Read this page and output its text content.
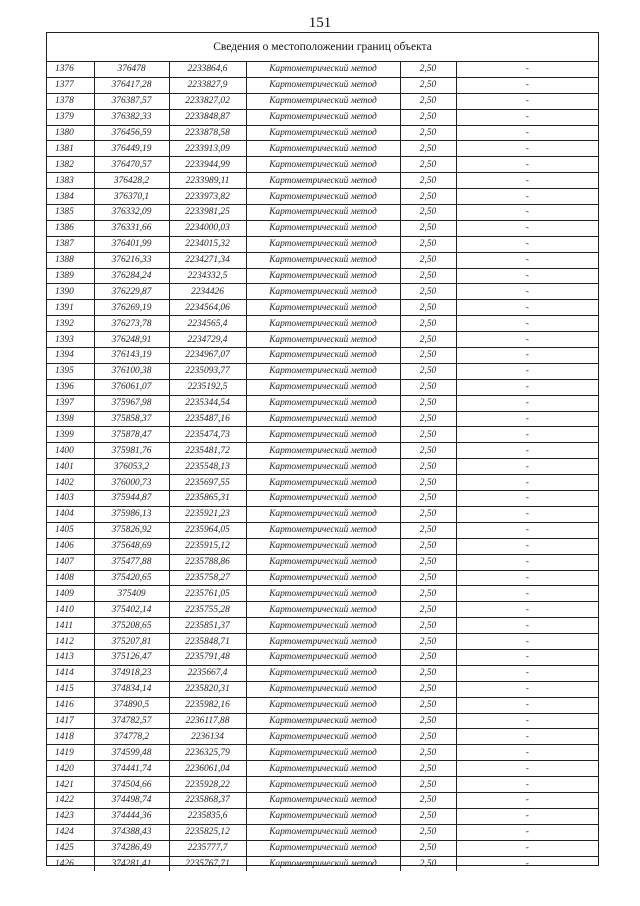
151
Сведения о местоположении границ объекта
1376	376478	2233864,6	Картометрический метод	2,50	-
1377	376417,28	2233827,9	Картометрический метод	2,50	-
1378	376387,57	2233827,02	Картометрический метод	2,50	-
1379	376382,33	2233848,87	Картометрический метод	2,50	-
1380	376456,59	2233878,58	Картометрический метод	2,50	-
1381	376449,19	2233913,09	Картометрический метод	2,50	-
1382	376470,57	2233944,99	Картометрический метод	2,50	-
1383	376428,2	2233989,11	Картометрический метод	2,50	-
1384	376370,1	2233973,82	Картометрический метод	2,50	-
1385	376332,09	2233981,25	Картометрический метод	2,50	-
1386	376331,66	2234000,03	Картометрический метод	2,50	-
1387	376401,99	2234015,32	Картометрический метод	2,50	-
1388	376216,33	2234271,34	Картометрический метод	2,50	-
1389	376284,24	2234332,5	Картометрический метод	2,50	-
1390	376229,87	2234426	Картометрический метод	2,50	-
1391	376269,19	2234564,06	Картометрический метод	2,50	-
1392	376273,78	2234565,4	Картометрический метод	2,50	-
1393	376248,91	2234729,4	Картометрический метод	2,50	-
1394	376143,19	2234967,07	Картометрический метод	2,50	-
1395	376100,38	2235093,77	Картометрический метод	2,50	-
1396	376061,07	2235192,5	Картометрический метод	2,50	-
1397	375967,98	2235344,54	Картометрический метод	2,50	-
1398	375858,37	2235487,16	Картометрический метод	2,50	-
1399	375878,47	2235474,73	Картометрический метод	2,50	-
1400	375981,76	2235481,72	Картометрический метод	2,50	-
1401	376053,2	2235548,13	Картометрический метод	2,50	-
1402	376000,73	2235697,55	Картометрический метод	2,50	-
1403	375944,87	2235865,31	Картометрический метод	2,50	-
1404	375986,13	2235921,23	Картометрический метод	2,50	-
1405	375826,92	2235964,05	Картометрический метод	2,50	-
1406	375648,69	2235915,12	Картометрический метод	2,50	-
1407	375477,88	2235788,86	Картометрический метод	2,50	-
1408	375420,65	2235758,27	Картометрический метод	2,50	-
1409	375409	2235761,05	Картометрический метод	2,50	-
1410	375402,14	2235755,28	Картометрический метод	2,50	-
1411	375208,65	2235851,37	Картометрический метод	2,50	-
1412	375207,81	2235848,71	Картометрический метод	2,50	-
1413	375126,47	2235791,48	Картометрический метод	2,50	-
1414	374918,23	2235667,4	Картометрический метод	2,50	-
1415	374834,14	2235820,31	Картометрический метод	2,50	-
1416	374890,5	2235982,16	Картометрический метод	2,50	-
1417	374782,57	2236117,88	Картометрический метод	2,50	-
1418	374778,2	2236134	Картометрический метод	2,50	-
1419	374599,48	2236325,79	Картометрический метод	2,50	-
1420	374441,74	2236061,04	Картометрический метод	2,50	-
1421	374504,66	2235928,22	Картометрический метод	2,50	-
1422	374498,74	2235868,37	Картометрический метод	2,50	-
1423	374444,36	2235835,6	Картометрический метод	2,50	-
1424	374388,43	2235825,12	Картометрический метод	2,50	-
1425	374286,49	2235777,7	Картометрический метод	2,50	-
1426	374281,41	2235767,71	Картометрический метод	2,50	-
